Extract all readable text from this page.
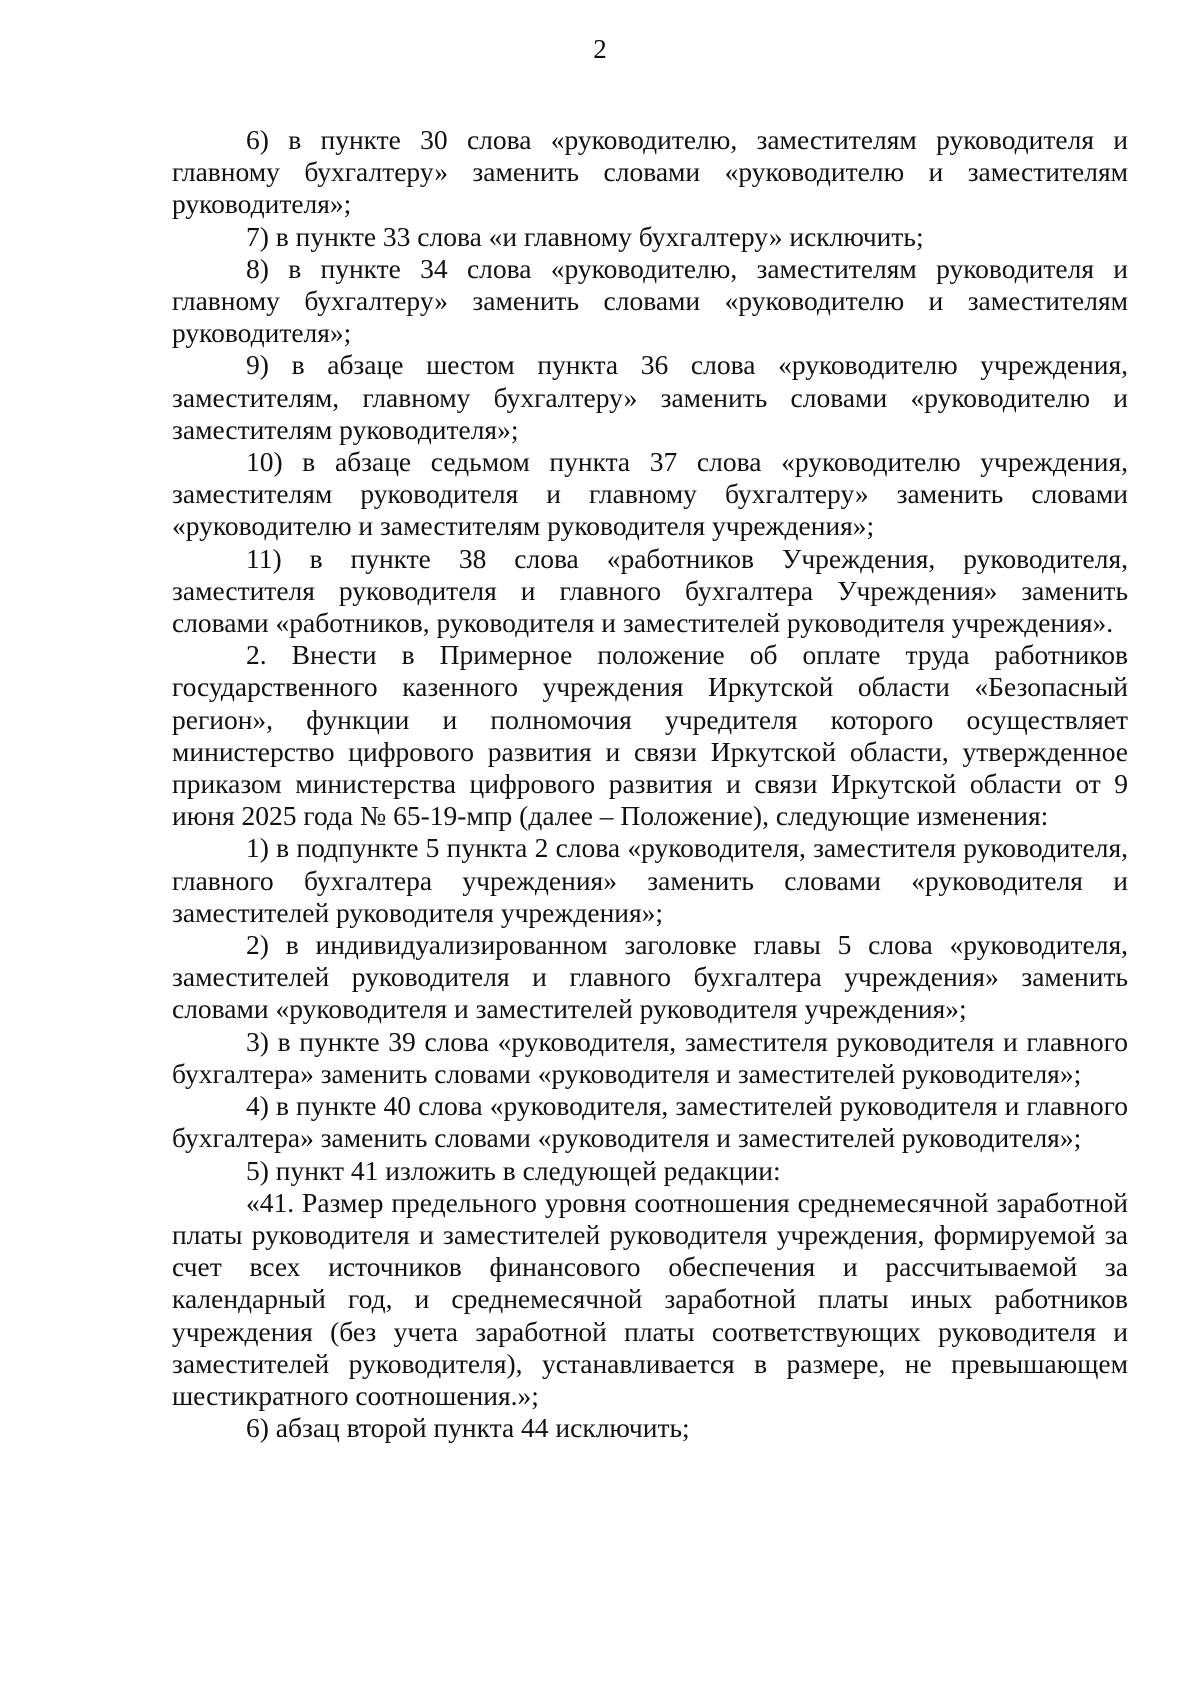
2

6) в пункте 30 слова «руководителю, заместителям руководителя и главному бухгалтеру» заменить словами «руководителю и заместителям руководителя»;

7) в пункте 33 слова «и главному бухгалтеру» исключить;

8) в пункте 34 слова «руководителю, заместителям руководителя и главному бухгалтеру» заменить словами «руководителю и заместителям руководителя»;

9) в абзаце шестом пункта 36 слова «руководителю учреждения, заместителям, главному бухгалтеру» заменить словами «руководителю и заместителям руководителя»;

10) в абзаце седьмом пункта 37 слова «руководителю учреждения, заместителям руководителя и главному бухгалтеру» заменить словами «руководителю и заместителям руководителя учреждения»;

11) в пункте 38 слова «работников Учреждения, руководителя, заместителя руководителя и главного бухгалтера Учреждения» заменить словами «работников, руководителя и заместителей руководителя учреждения».

2. Внести в Примерное положение об оплате труда работников государственного казенного учреждения Иркутской области «Безопасный регион», функции и полномочия учредителя которого осуществляет министерство цифрового развития и связи Иркутской области, утвержденное приказом министерства цифрового развития и связи Иркутской области от 9 июня 2025 года № 65-19-мпр (далее – Положение), следующие изменения:

1) в подпункте 5 пункта 2 слова «руководителя, заместителя руководителя, главного бухгалтера учреждения» заменить словами «руководителя и заместителей руководителя учреждения»;

2) в индивидуализированном заголовке главы 5 слова «руководителя, заместителей руководителя и главного бухгалтера учреждения» заменить словами «руководителя и заместителей руководителя учреждения»;

3) в пункте 39 слова «руководителя, заместителя руководителя и главного бухгалтера» заменить словами «руководителя и заместителей руководителя»;

4) в пункте 40 слова «руководителя, заместителей руководителя и главного бухгалтера» заменить словами «руководителя и заместителей руководителя»;

5) пункт 41 изложить в следующей редакции:

«41. Размер предельного уровня соотношения среднемесячной заработной платы руководителя и заместителей руководителя учреждения, формируемой за счет всех источников финансового обеспечения и рассчитываемой за календарный год, и среднемесячной заработной платы иных работников учреждения (без учета заработной платы соответствующих руководителя и заместителей руководителя), устанавливается в размере, не превышающем шестикратного соотношения.»;

6) абзац второй пункта 44 исключить;
